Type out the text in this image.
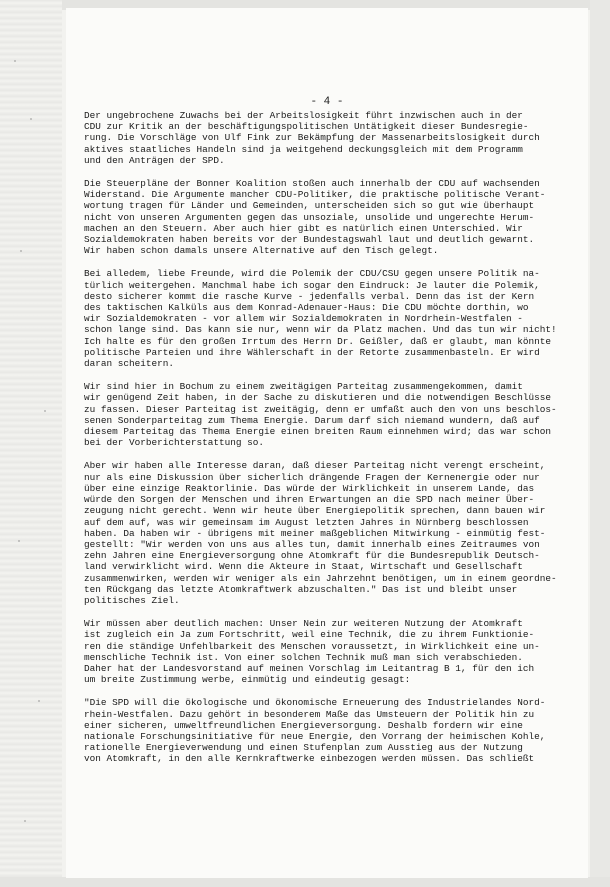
- 4 -
Der ungebrochene Zuwachs bei der Arbeitslosigkeit führt inzwischen auch in der
CDU zur Kritik an der beschäftigungspolitischen Untätigkeit dieser Bundesregie-
rung. Die Vorschläge von Ulf Fink zur Bekämpfung der Massenarbeitslosigkeit durch
aktives staatliches Handeln sind ja weitgehend deckungsgleich mit dem Programm
und den Anträgen der SPD.
Die Steuerpläne der Bonner Koalition stoßen auch innerhalb der CDU auf wachsenden
Widerstand. Die Argumente mancher CDU-Politiker, die praktische politische Verant-
wortung tragen für Länder und Gemeinden, unterscheiden sich so gut wie überhaupt
nicht von unseren Argumenten gegen das unsoziale, unsolide und ungerechte Herum-
machen an den Steuern. Aber auch hier gibt es natürlich einen Unterschied. Wir
Sozialdemokraten haben bereits vor der Bundestagswahl laut und deutlich gewarnt.
Wir haben schon damals unsere Alternative auf den Tisch gelegt.
Bei alledem, liebe Freunde, wird die Polemik der CDU/CSU gegen unsere Politik na-
türlich weitergehen. Manchmal habe ich sogar den Eindruck: Je lauter die Polemik,
desto sicherer kommt die rasche Kurve - jedenfalls verbal. Denn das ist der Kern
des taktischen Kalküls aus dem Konrad-Adenauer-Haus: Die CDU möchte dorthin, wo
wir Sozialdemokraten - vor allem wir Sozialdemokraten in Nordrhein-Westfalen -
schon lange sind. Das kann sie nur, wenn wir da Platz machen. Und das tun wir nicht!
Ich halte es für den großen Irrtum des Herrn Dr. Geißler, daß er glaubt, man könnte
politische Parteien und ihre Wählerschaft in der Retorte zusammenbasteln. Er wird
daran scheitern.
Wir sind hier in Bochum zu einem zweitägigen Parteitag zusammengekommen, damit
wir genügend Zeit haben, in der Sache zu diskutieren und die notwendigen Beschlüsse
zu fassen. Dieser Parteitag ist zweitägig, denn er umfaßt auch den von uns beschlos-
senen Sonderparteitag zum Thema Energie. Darum darf sich niemand wundern, daß auf
diesem Parteitag das Thema Energie einen breiten Raum einnehmen wird; das war schon
bei der Vorberichterstattung so.
Aber wir haben alle Interesse daran, daß dieser Parteitag nicht verengt erscheint,
nur als eine Diskussion über sicherlich drängende Fragen der Kernenergie oder nur
über eine einzige Reaktorlinie. Das würde der Wirklichkeit in unserem Lande, das
würde den Sorgen der Menschen und ihren Erwartungen an die SPD nach meiner Über-
zeugung nicht gerecht. Wenn wir heute über Energiepolitik sprechen, dann bauen wir
auf dem auf, was wir gemeinsam im August letzten Jahres in Nürnberg beschlossen
haben. Da haben wir - übrigens mit meiner maßgeblichen Mitwirkung - einmütig fest-
gestellt: "Wir werden von uns aus alles tun, damit innerhalb eines Zeitraumes von
zehn Jahren eine Energieversorgung ohne Atomkraft für die Bundesrepublik Deutsch-
land verwirklicht wird. Wenn die Akteure in Staat, Wirtschaft und Gesellschaft
zusammenwirken, werden wir weniger als ein Jahrzehnt benötigen, um in einem geordne-
ten Rückgang das letzte Atomkraftwerk abzuschalten." Das ist und bleibt unser
politisches Ziel.
Wir müssen aber deutlich machen: Unser Nein zur weiteren Nutzung der Atomkraft
ist zugleich ein Ja zum Fortschritt, weil eine Technik, die zu ihrem Funktionie-
ren die ständige Unfehlbarkeit des Menschen voraussetzt, in Wirklichkeit eine un-
menschliche Technik ist. Von einer solchen Technik muß man sich verabschieden.
Daher hat der Landesvorstand auf meinen Vorschlag im Leitantrag B 1, für den ich
um breite Zustimmung werbe, einmütig und eindeutig gesagt:
"Die SPD will die ökologische und ökonomische Erneuerung des Industrielandes Nord-
rhein-Westfalen. Dazu gehört in besonderem Maße das Umsteuern der Politik hin zu
einer sicheren, umweltfreundlichen Energieversorgung. Deshalb fordern wir eine
nationale Forschungsinitiative für neue Energie, den Vorrang der heimischen Kohle,
rationelle Energieverwendung und einen Stufenplan zum Ausstieg aus der Nutzung
von Atomkraft, in den alle Kernkraftwerke einbezogen werden müssen. Das schließt
